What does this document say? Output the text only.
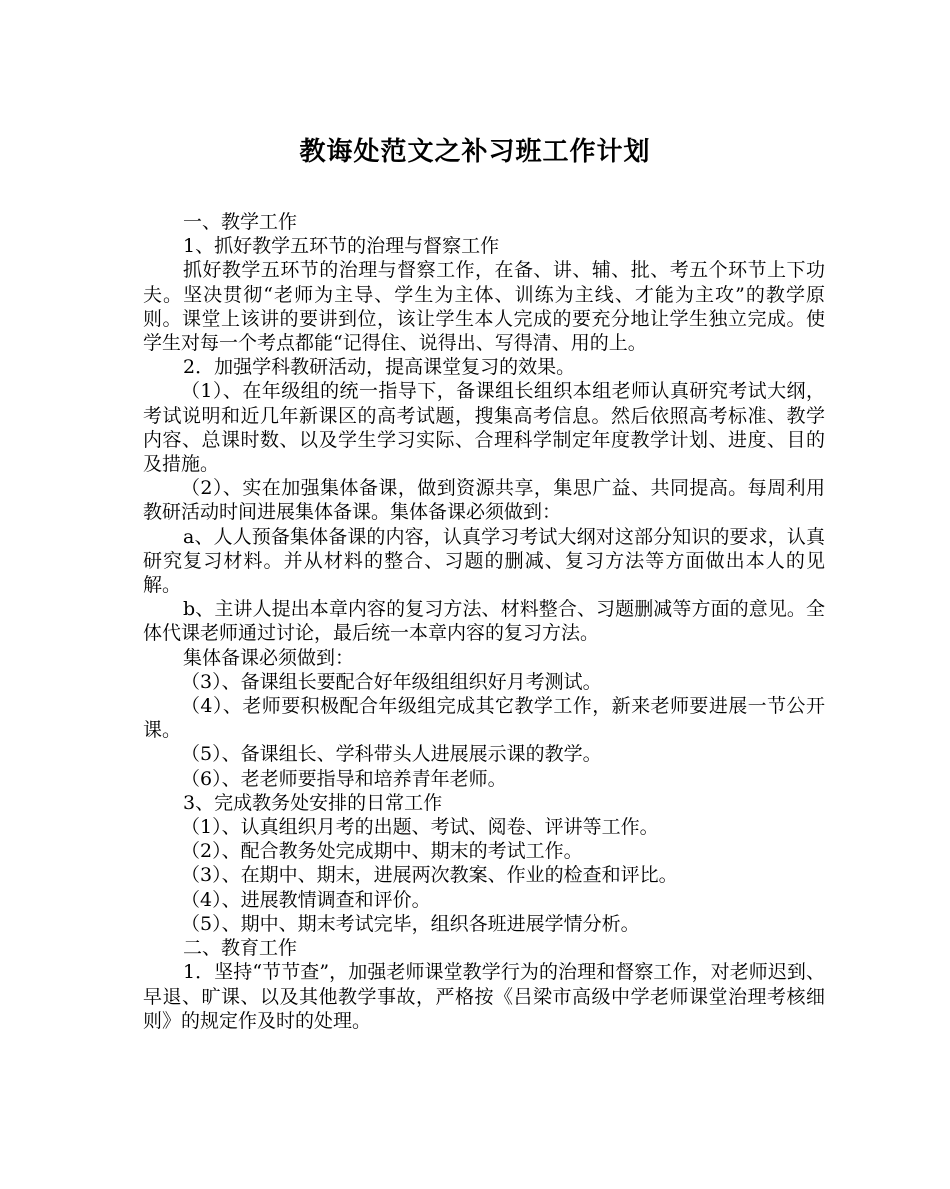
教诲处范文之补习班工作计划

一、教学工作

1、抓好教学五环节的治理与督察工作

抓好教学五环节的治理与督察工作，在备、讲、辅、批、考五个环节上下功夫。坚决贯彻“老师为主导、学生为主体、训练为主线、才能为主攻”的教学原则。课堂上该讲的要讲到位，该让学生本人完成的要充分地让学生独立完成。使学生对每一个考点都能“记得住、说得出、写得清、用的上。

2．加强学科教研活动，提高课堂复习的效果。

（1）、在年级组的统一指导下，备课组长组织本组老师认真研究考试大纲，考试说明和近几年新课区的高考试题，搜集高考信息。然后依照高考标准、教学内容、总课时数、以及学生学习实际、合理科学制定年度教学计划、进度、目的及措施。

（2）、实在加强集体备课，做到资源共享，集思广益、共同提高。每周利用教研活动时间进展集体备课。集体备课必须做到：

a、人人预备集体备课的内容，认真学习考试大纲对这部分知识的要求，认真研究复习材料。并从材料的整合、习题的删减、复习方法等方面做出本人的见解。

b、主讲人提出本章内容的复习方法、材料整合、习题删减等方面的意见。全体代课老师通过讨论，最后统一本章内容的复习方法。

集体备课必须做到：

（3）、备课组长要配合好年级组组织好月考测试。

（4）、老师要积极配合年级组完成其它教学工作，新来老师要进展一节公开课。

（5）、备课组长、学科带头人进展展示课的教学。

（6）、老老师要指导和培养青年老师。

3、完成教务处安排的日常工作

（1）、认真组织月考的出题、考试、阅卷、评讲等工作。

（2）、配合教务处完成期中、期末的考试工作。

（3）、在期中、期末，进展两次教案、作业的检查和评比。

（4）、进展教情调查和评价。

（5）、期中、期末考试完毕，组织各班进展学情分析。

二、教育工作

1．坚持“节节查”，加强老师课堂教学行为的治理和督察工作，对老师迟到、早退、旷课、以及其他教学事故，严格按《吕梁市高级中学老师课堂治理考核细则》的规定作及时的处理。
